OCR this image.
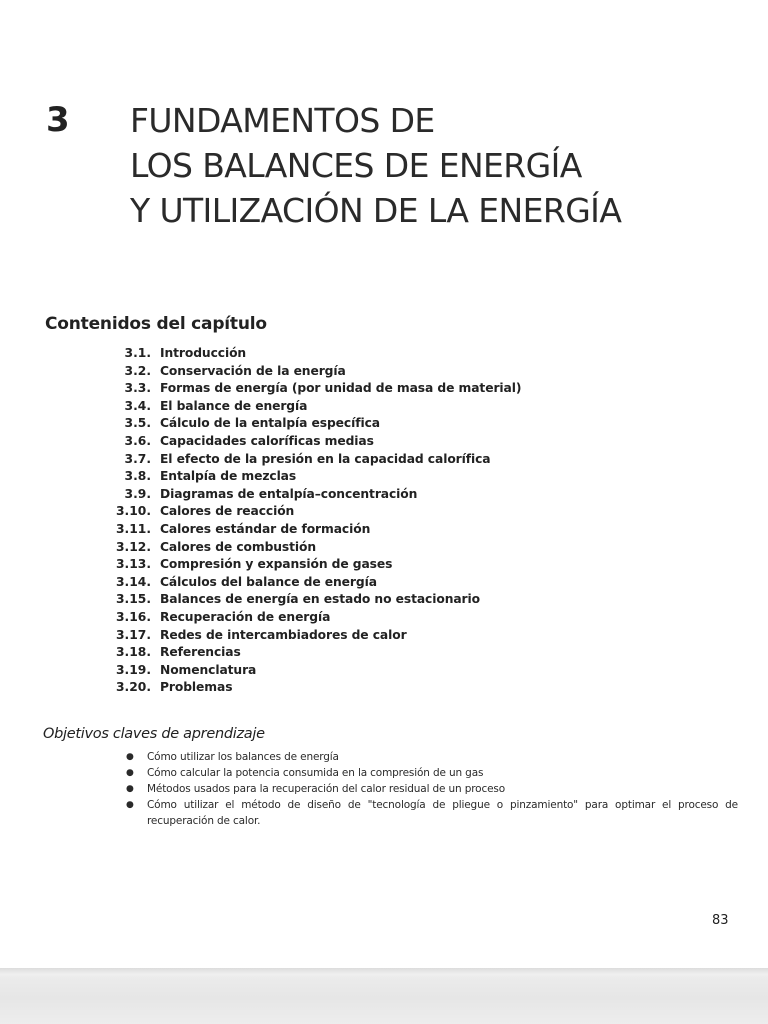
3 FUNDAMENTOS DE
LOS BALANCES DE ENERGÍA
Y UTILIZACIÓN DE LA ENERGÍA
Contenidos del capítulo
3.1. Introducción
3.2. Conservación de la energía
3.3. Formas de energía (por unidad de masa de material)
3.4. El balance de energía
3.5. Cálculo de la entalpía específica
3.6. Capacidades caloríficas medias
3.7. El efecto de la presión en la capacidad calorífica
3.8. Entalpía de mezclas
3.9. Diagramas de entalpía–concentración
3.10. Calores de reacción
3.11. Calores estándar de formación
3.12. Calores de combustión
3.13. Compresión y expansión de gases
3.14. Cálculos del balance de energía
3.15. Balances de energía en estado no estacionario
3.16. Recuperación de energía
3.17. Redes de intercambiadores de calor
3.18. Referencias
3.19. Nomenclatura
3.20. Problemas
Objetivos claves de aprendizaje
●	Cómo utilizar los balances de energía
●	Cómo calcular la potencia consumida en la compresión de un gas
●	Métodos usados para la recuperación del calor residual de un proceso
●	Cómo utilizar el método de diseño de "tecnología de pliegue o pinzamiento" para optimar el proceso de recuperación de calor.
83
